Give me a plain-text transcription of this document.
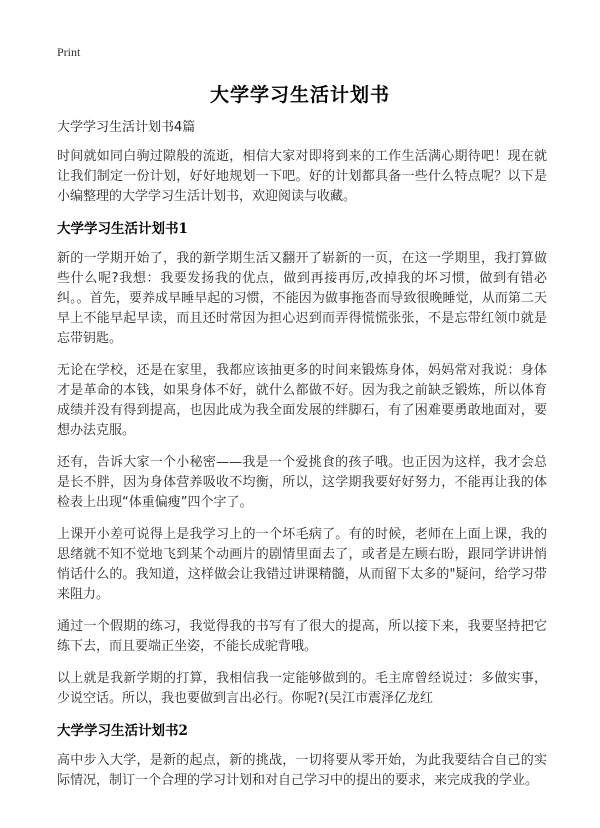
Print
大学学习生活计划书
大学学习生活计划书4篇

时间就如同白驹过隙般的流逝，相信大家对即将到来的工作生活满心期待吧！现在就让我们制定一份计划，好好地规划一下吧。好的计划都具备一些什么特点呢？以下是小编整理的大学学习生活计划书，欢迎阅读与收藏。

大学学习生活计划书1

新的一学期开始了，我的新学期生活又翻开了崭新的一页，在这一学期里，我打算做些什么呢?我想：我要发扬我的优点，做到再接再厉,改掉我的坏习惯，做到有错必纠。。首先，要养成早睡早起的习惯，不能因为做事拖沓而导致很晚睡觉，从而第二天早上不能早起早读，而且还时常因为担心迟到而弄得慌慌张张，不是忘带红领巾就是忘带钥匙。

无论在学校，还是在家里，我都应该抽更多的时间来锻炼身体，妈妈常对我说：身体才是革命的本钱，如果身体不好，就什么都做不好。因为我之前缺乏锻炼，所以体育成绩并没有得到提高，也因此成为我全面发展的绊脚石，有了困难要勇敢地面对，要想办法克服。

还有，告诉大家一个小秘密——我是一个爱挑食的孩子哦。也正因为这样，我才会总是长不胖，因为身体营养吸收不均衡，所以，这学期我要好好努力，不能再让我的体检表上出现“体重偏瘦”四个字了。

上课开小差可说得上是我学习上的一个坏毛病了。有的时候，老师在上面上课，我的思绪就不知不觉地飞到某个动画片的剧情里面去了，或者是左顾右盼，跟同学讲讲悄悄话什么的。我知道，这样做会让我错过讲课精髓，从而留下太多的"疑问，给学习带来阻力。

通过一个假期的练习，我觉得我的书写有了很大的提高，所以接下来，我要坚持把它练下去，而且要端正坐姿，不能长成驼背哦。

以上就是我新学期的打算，我相信我一定能够做到的。毛主席曾经说过：多做实事，少说空话。所以，我也要做到言出必行。你呢?(吴江市震泽亿龙红

大学学习生活计划书2

高中步入大学，是新的起点，新的挑战，一切将要从零开始，为此我要结合自己的实际情况，制订一个合理的学习计划和对自己学习中的提出的要求，来完成我的学业。
